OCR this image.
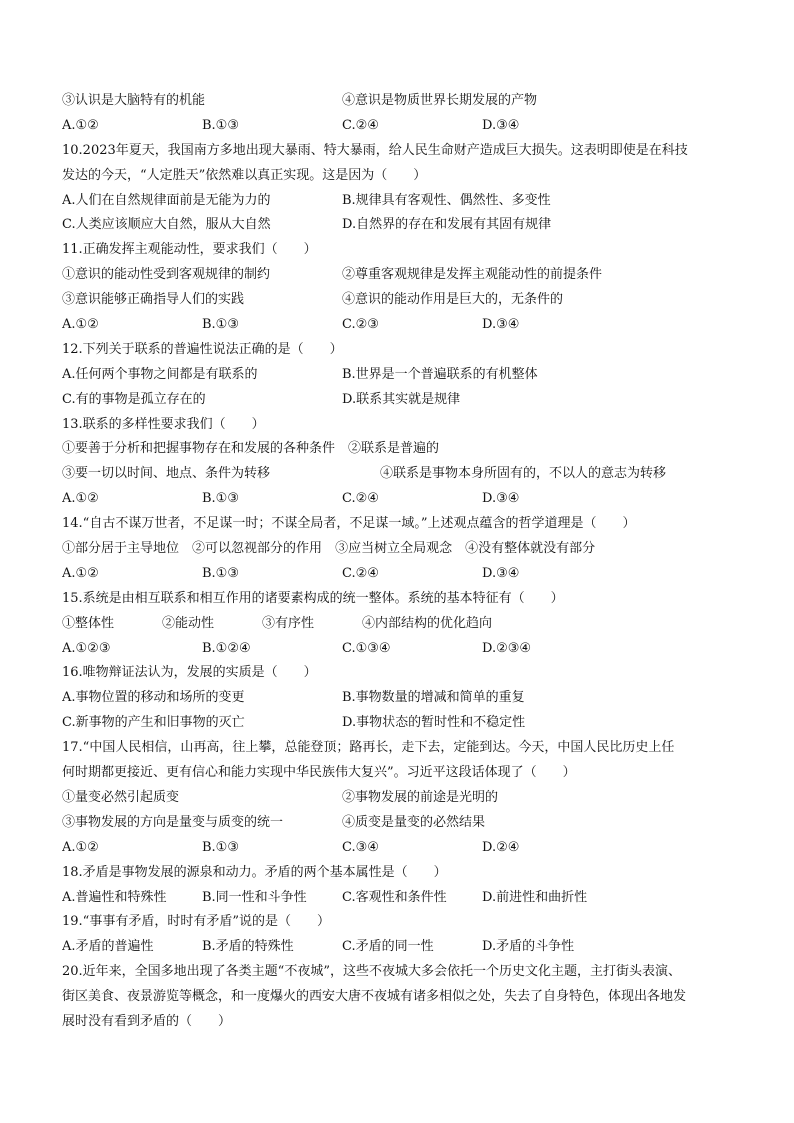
③认识是大脑特有的机能	④意识是物质世界长期发展的产物
A.①②	B.①③	C.②④	D.③④
10.2023年夏天，我国南方多地出现大暴雨、特大暴雨，给人民生命财产造成巨大损失。这表明即使是在科技
发达的今天，“人定胜天”依然难以真正实现。这是因为（　　）
A.人们在自然规律面前是无能为力的	B.规律具有客观性、偶然性、多变性
C.人类应该顺应大自然，服从大自然	D.自然界的存在和发展有其固有规律
11.正确发挥主观能动性，要求我们（　　）
①意识的能动性受到客观规律的制约	②尊重客观规律是发挥主观能动性的前提条件
③意识能够正确指导人们的实践	④意识的能动作用是巨大的，无条件的
A.①②	B.①③	C.②③	D.③④
12.下列关于联系的普遍性说法正确的是（　　）
A.任何两个事物之间都是有联系的	B.世界是一个普遍联系的有机整体
C.有的事物是孤立存在的	D.联系其实就是规律
13.联系的多样性要求我们（　　）
①要善于分析和把握事物存在和发展的各种条件　 ②联系是普遍的
③要一切以时间、地点、条件为转移	④联系是事物本身所固有的，不以人的意志为转移
A.①②	B.①③	C.②④	D.③④
14.“自古不谋万世者，不足谋一时；不谋全局者，不足谋一域。”上述观点蕴含的哲学道理是（　　）
①部分居于主导地位　 ②可以忽视部分的作用　 ③应当树立全局观念　 ④没有整体就没有部分
A.①②	B.①③	C.②④	D.③④
15.系统是由相互联系和相互作用的诸要素构成的统一整体。系统的基本特征有（　　）
①整体性	②能动性	③有序性	④内部结构的优化趋向
A.①②③	B.①②④	C.①③④	D.②③④
16.唯物辩证法认为，发展的实质是（　　）
A.事物位置的移动和场所的变更	B.事物数量的增减和简单的重复
C.新事物的产生和旧事物的灭亡	D.事物状态的暂时性和不稳定性
17.“中国人民相信，山再高，往上攀，总能登顶；路再长，走下去，定能到达。今天，中国人民比历史上任
何时期都更接近、更有信心和能力实现中华民族伟大复兴”。习近平这段话体现了（　　）
①量变必然引起质变	②事物发展的前途是光明的
③事物发展的方向是量变与质变的统一	④质变是量变的必然结果
A.①②	B.①③	C.③④	D.②④
18.矛盾是事物发展的源泉和动力。矛盾的两个基本属性是（　　）
A.普遍性和特殊性	B.同一性和斗争性	C.客观性和条件性	D.前进性和曲折性
19.“事事有矛盾，时时有矛盾”说的是（　　）
A.矛盾的普遍性	B.矛盾的特殊性	C.矛盾的同一性	D.矛盾的斗争性
20.近年来，全国多地出现了各类主题“不夜城”，这些不夜城大多会依托一个历史文化主题，主打街头表演、
街区美食、夜景游览等概念，和一度爆火的西安大唐不夜城有诸多相似之处，失去了自身特色，体现出各地发
展时没有看到矛盾的（　　）
